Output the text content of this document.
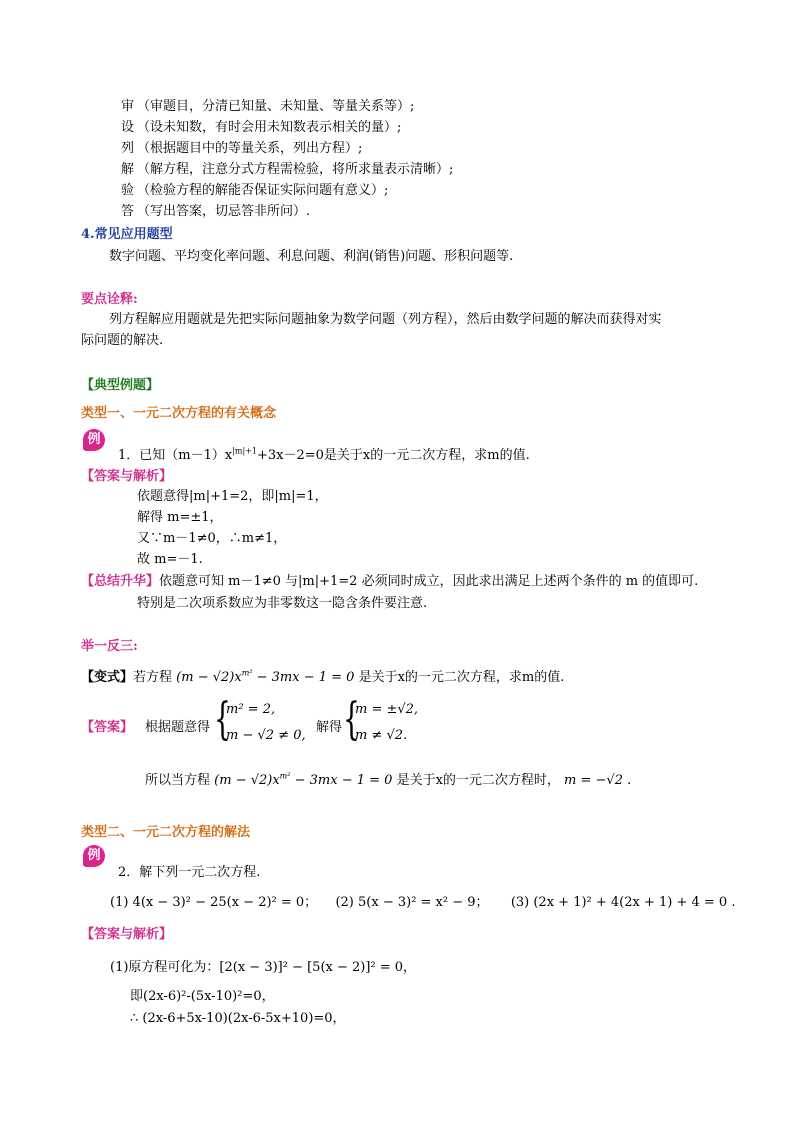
审 （审题目，分清已知量、未知量、等量关系等）;
设 （设未知数，有时会用未知数表示相关的量）;
列 （根据题目中的等量关系，列出方程）;
解 （解方程，注意分式方程需检验，将所求量表示清晰）;
验 （检验方程的解能否保证实际问题有意义）;
答 （写出答案，切忌答非所问）.
4.常见应用题型
数字问题、平均变化率问题、利息问题、利润(销售)问题、形积问题等.
要点诠释:
列方程解应用题就是先把实际问题抽象为数学问题（列方程），然后由数学问题的解决而获得对实
际问题的解决.
【典型例题】
类型一、一元二次方程的有关概念
例
1．已知$(m-1)x^{|m|+1}+3x-2=0$是关于x的一元二次方程，求m的值.
【答案与解析】
依题意得|m|+1=2，即|m|=1，
解得 m=±1，
又∵m－1≠0，∴m≠1，
故 m=－1.
【总结升华】依题意可知 m－1≠0 与|m|+1=2 必须同时成立，因此求出满足上述两个条件的 m 的值即可.
特别是二次项系数应为非零数这一隐含条件要注意.
举一反三:
【变式】若方程 $(m - √2)x^{m^2} - 3mx - 1 = 0$ 是关于x的一元二次方程，求m的值.
【答案】 根据题意得 {
m² = 2,
m − √2 ≠ 0,
解得 {
m = ±√2,
m ≠ √2.
所以当方程 $(m - √2)x^{m^2} - 3mx - 1 = 0$ 是关于x的一元二次方程时， m = −√2 .
类型二、一元二次方程的解法
例
2．解下列一元二次方程.
(1) 4(x − 3)² − 25(x − 2)² = 0； (2) 5(x − 3)² = x² − 9； (3) (2x + 1)² + 4(2x + 1) + 4 = 0 .
【答案与解析】
(1)原方程可化为：[2(x − 3)]² − [5(x − 2)]² = 0，
即(2x-6)²-(5x-10)²=0，
∴ (2x-6+5x-10)(2x-6-5x+10)=0，
